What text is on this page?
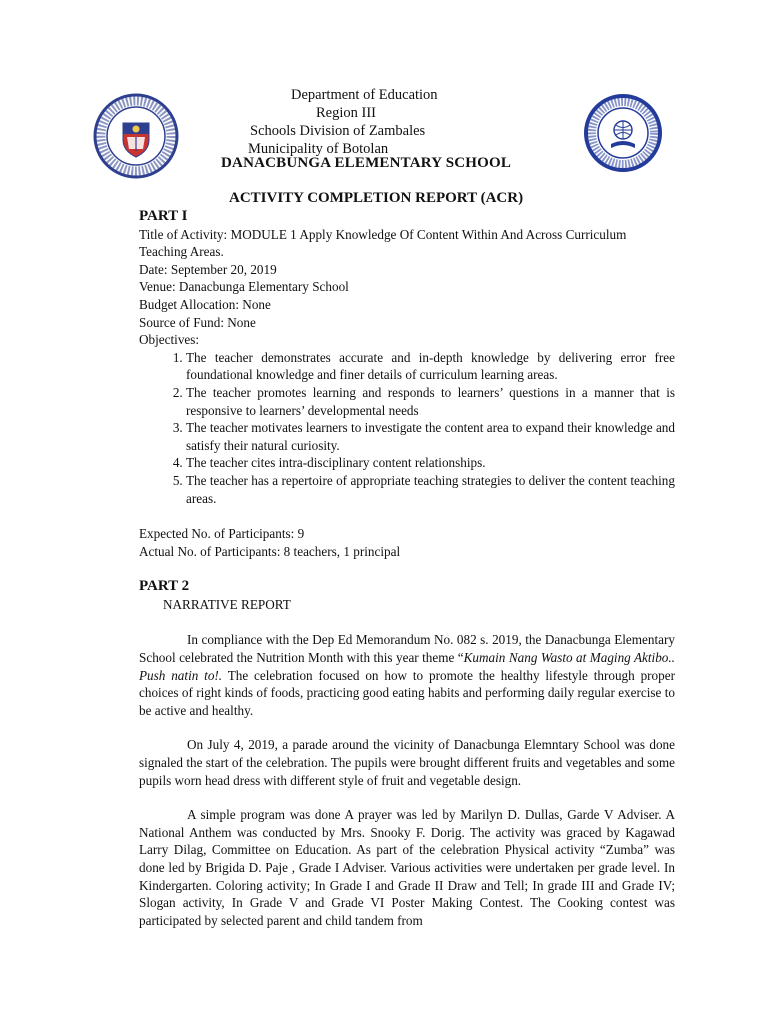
Department of Education
Region III
Schools Division of Zambales
Municipality of Botolan
DANACBUNGA ELEMENTARY SCHOOL
ACTIVITY COMPLETION REPORT (ACR)

PART I

Title of Activity: MODULE 1 Apply Knowledge Of Content Within And Across Curriculum Teaching Areas.

Date: September 20, 2019

Venue: Danacbunga Elementary School

Budget Allocation: None

Source of Fund: None

Objectives:

1. The teacher demonstrates accurate and in-depth knowledge by delivering error free foundational knowledge and finer details of curriculum learning areas.
2. The teacher promotes learning and responds to learners’ questions in a manner that is responsive to learners’ developmental needs
3. The teacher motivates learners to investigate the content area to expand their knowledge and satisfy their natural curiosity.
4. The teacher cites intra-disciplinary content relationships.
5. The teacher has a repertoire of appropriate teaching strategies to deliver the content teaching areas.

Expected No. of Participants: 9

Actual No. of Participants: 8 teachers, 1 principal

PART 2

NARRATIVE REPORT

In compliance with the Dep Ed Memorandum No. 082 s. 2019, the Danacbunga Elementary School celebrated the Nutrition Month with this year theme “Kumain Nang Wasto at Maging Aktibo.. Push natin to!. The celebration focused on how to promote the healthy lifestyle through proper choices of right kinds of foods, practicing good eating habits and performing daily regular exercise to be active and healthy.

On July 4, 2019, a parade around the vicinity of Danacbunga Elemntary School was done signaled the start of the celebration. The pupils were brought different fruits and vegetables and some pupils worn head dress with different style of fruit and vegetable design.

A simple program was done A prayer was led by Marilyn D. Dullas, Garde V Adviser. A National Anthem was conducted by Mrs. Snooky F. Dorig. The activity was graced by Kagawad Larry Dilag, Committee on Education. As part of the celebration Physical activity “Zumba” was done led by Brigida D. Paje , Grade I Adviser. Various activities were undertaken per grade level. In Kindergarten. Coloring activity; In Grade I and Grade II Draw and Tell; In grade III and Grade IV; Slogan activity, In Grade V and Grade VI Poster Making Contest. The Cooking contest was participated by selected parent and child tandem from
